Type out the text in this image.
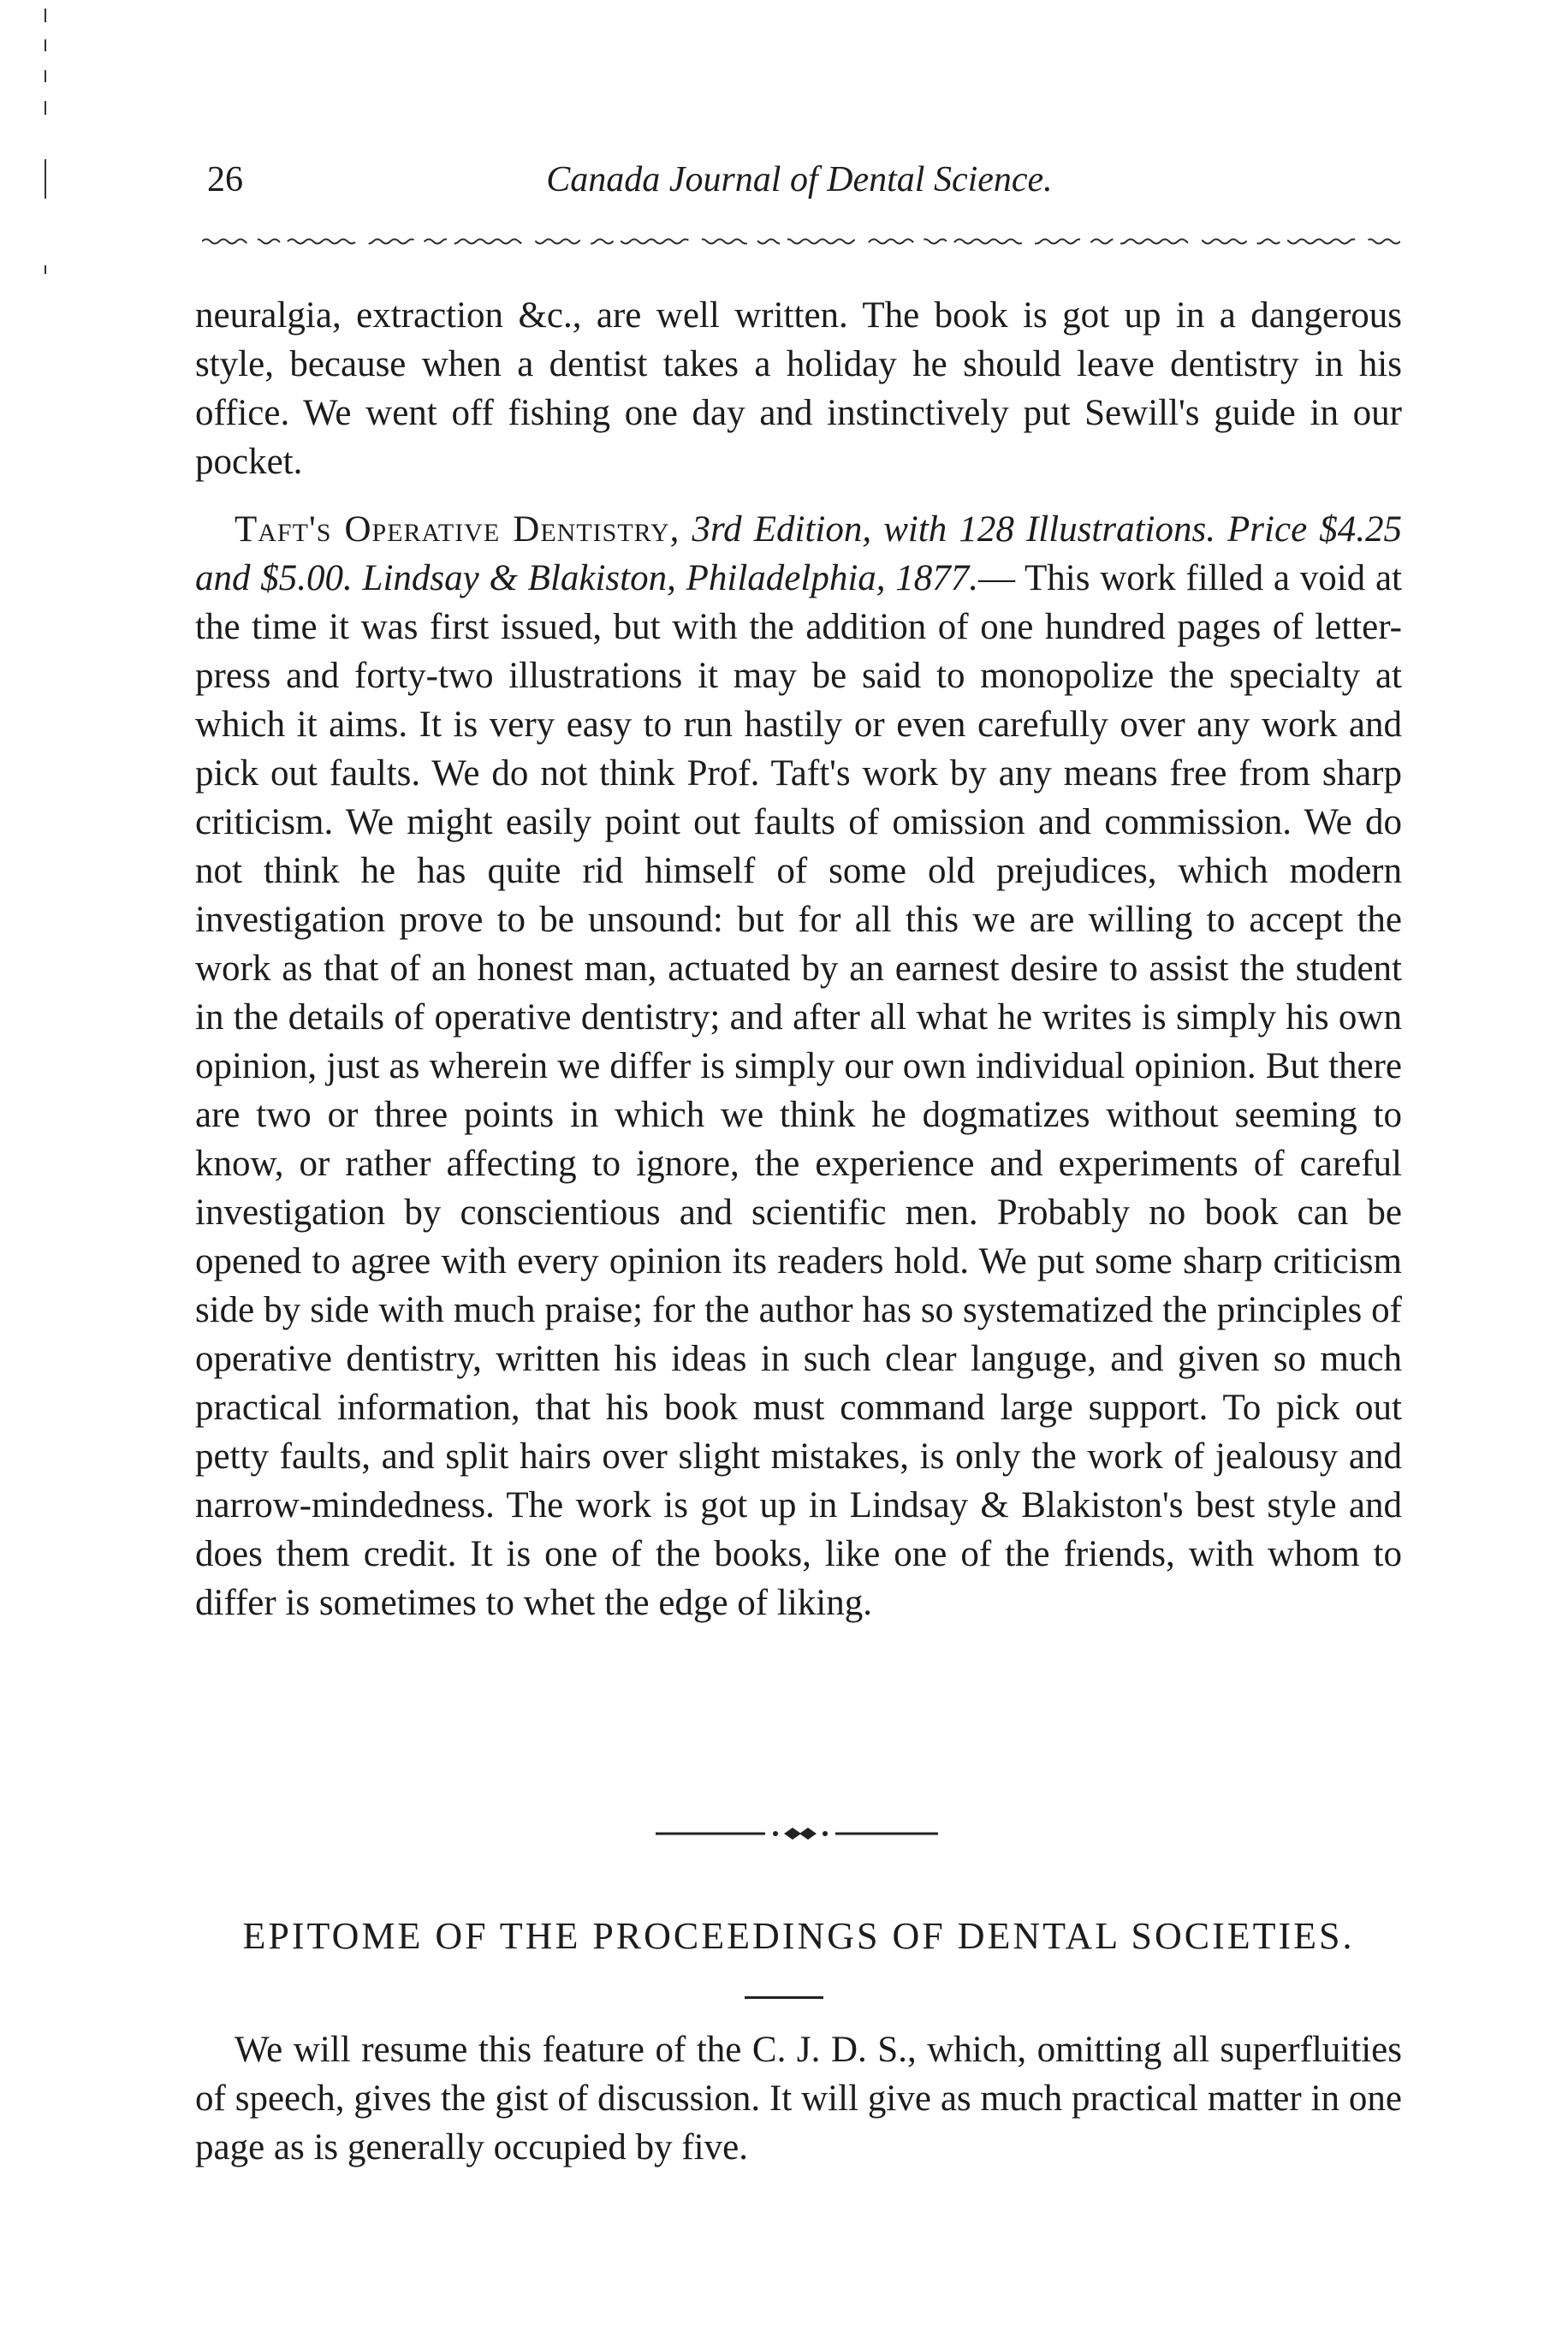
26	Canada Journal of Dental Science.

neuralgia, extraction &c., are well written. The book is got up in a dangerous style, because when a dentist takes a holiday he should leave dentistry in his office. We went off fishing one day and instinctively put Sewill's guide in our pocket.

Taft's Operative Dentistry, 3rd Edition, with 128 Illustrations. Price $4.25 and $5.00. Lindsay & Blakiston, Philadelphia, 1877.— This work filled a void at the time it was first issued, but with the addition of one hundred pages of letter-press and forty-two illustrations it may be said to monopolize the specialty at which it aims. It is very easy to run hastily or even carefully over any work and pick out faults. We do not think Prof. Taft's work by any means free from sharp criticism. We might easily point out faults of omission and commission. We do not think he has quite rid himself of some old prejudices, which modern investigation prove to be unsound: but for all this we are willing to accept the work as that of an honest man, actuated by an earnest desire to assist the student in the details of operative dentistry; and after all what he writes is simply his own opinion, just as wherein we differ is simply our own individual opinion. But there are two or three points in which we think he dogmatizes without seeming to know, or rather affecting to ignore, the experience and experiments of careful investigation by conscientious and scientific men. Probably no book can be opened to agree with every opinion its readers hold. We put some sharp criticism side by side with much praise; for the author has so systematized the principles of operative dentistry, written his ideas in such clear languge, and given so much practical information, that his book must command large support. To pick out petty faults, and split hairs over slight mistakes, is only the work of jealousy and narrow-mindedness. The work is got up in Lindsay & Blakiston's best style and does them credit. It is one of the books, like one of the friends, with whom to differ is sometimes to whet the edge of liking.

EPITOME OF THE PROCEEDINGS OF DENTAL SOCIETIES.

We will resume this feature of the C. J. D. S., which, omitting all superfluities of speech, gives the gist of discussion. It will give as much practical matter in one page as is generally occupied by five.
